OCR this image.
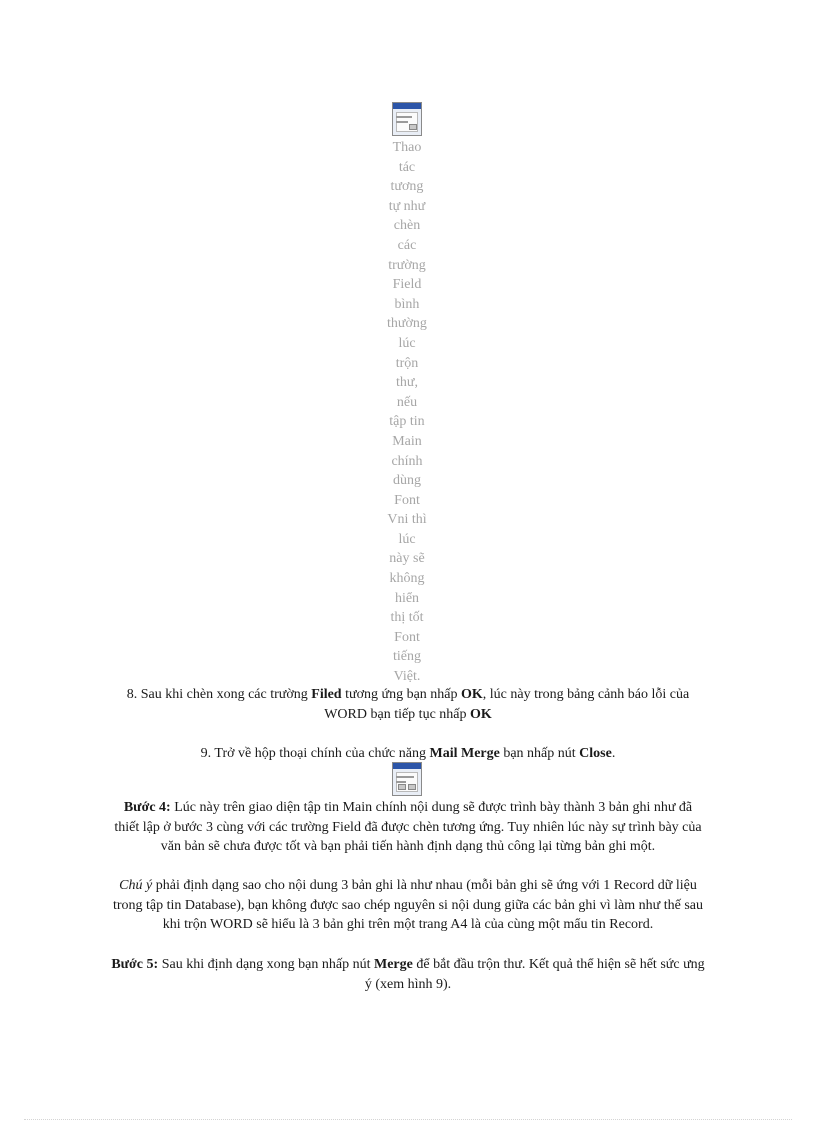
Thao
tác
tương
tự như
chèn
các
trường
Field
bình
thường
lúc
trộn
thư,
nếu
tập tin
Main
chính
dùng
Font
Vni thì
lúc
này sẽ
không
hiển
thị tốt
Font
tiếng
Việt.
8. Sau khi chèn xong các trường Filed tương ứng bạn nhấp OK, lúc này trong bảng cảnh báo lỗi của WORD bạn tiếp tục nhấp OK
9. Trở về hộp thoại chính của chức năng Mail Merge bạn nhấp nút Close.
Bước 4: Lúc này trên giao diện tập tin Main chính nội dung sẽ được trình bày thành 3 bản ghi như đã thiết lập ở bước 3 cùng với các trường Field đã được chèn tương ứng. Tuy nhiên lúc này sự trình bày của văn bản sẽ chưa được tốt và bạn phải tiến hành định dạng thủ công lại từng bản ghi một.
Chú ý phải định dạng sao cho nội dung 3 bản ghi là như nhau (mỗi bản ghi sẽ ứng với 1 Record dữ liệu trong tập tin Database), bạn không được sao chép nguyên si nội dung giữa các bản ghi vì làm như thế sau khi trộn WORD sẽ hiểu là 3 bản ghi trên một trang A4 là của cùng một mẩu tin Record.
Bước 5: Sau khi định dạng xong bạn nhấp nút Merge để bắt đầu trộn thư. Kết quả thể hiện sẽ hết sức ưng ý (xem hình 9).
